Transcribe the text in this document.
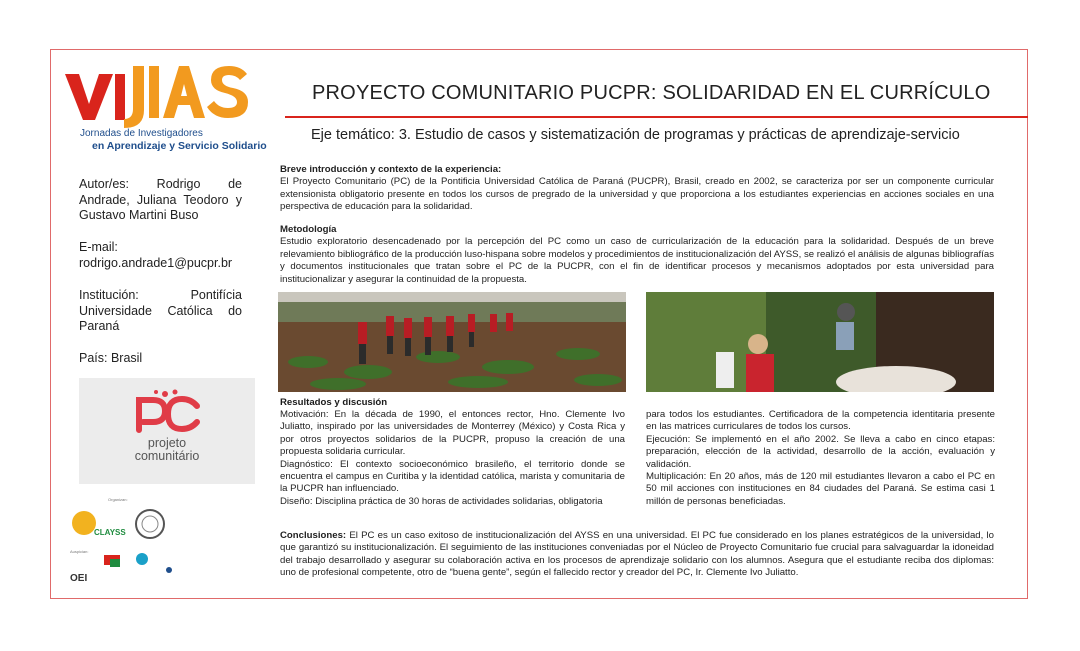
Jornadas de Investigadores
en Aprendizaje y Servicio Solidario
PROYECTO COMUNITARIO PUCPR: SOLIDARIDAD EN EL CURRÍCULO
Eje temático: 3. Estudio de casos y sistematización de programas y prácticas de aprendizaje-servicio
Autor/es: Rodrigo de Andrade, Juliana Teodoro y Gustavo Martini Buso
E-mail:
rodrigo.andrade1@pucpr.br
Institución: Pontifícia Universidade Católica do Paraná
País: Brasil
projeto
comunitário
Organizan:
CLAYSS
Auspician:
OEI
Breve introducción y contexto de la experiencia:
El Proyecto Comunitario (PC) de la Pontificia Universidad Católica de Paraná (PUCPR), Brasil, creado en 2002, se caracteriza por ser un componente curricular extensionista obligatorio presente en todos los cursos de pregrado de la universidad y que proporciona a los estudiantes experiencias en acciones sociales en una perspectiva de educación para la solidaridad.
Metodología
Estudio exploratorio desencadenado por la percepción del PC como un caso de curricularización de la educación para la solidaridad. Después de un breve relevamiento bibliográfico de la producción luso-hispana sobre modelos y procedimientos de institucionalización del AYSS, se realizó el análisis de algunas bibliografías y documentos institucionales que tratan sobre el PC de la PUCPR, con el fin de identificar procesos y mecanismos adoptados por esta universidad para institucionalizar y asegurar la continuidad de la propuesta.
Resultados y discusión
Motivación: En la década de 1990, el entonces rector, Hno. Clemente Ivo Juliatto, inspirado por las universidades de Monterrey (México) y Costa Rica y por otros proyectos solidarios de la PUCPR, propuso la creación de una propuesta solidaria curricular.
Diagnóstico: El contexto socioeconómico brasileño, el territorio donde se encuentra el campus en Curitiba y la identidad católica, marista y comunitaria de la PUCPR han influenciado.
Diseño: Disciplina práctica de 30 horas de actividades solidarias, obligatoria
para todos los estudiantes. Certificadora de la competencia identitaria presente en las matrices curriculares de todos los cursos.
Ejecución: Se implementó en el año 2002. Se lleva a cabo en cinco etapas: preparación, elección de la actividad, desarrollo de la acción, evaluación y validación.
Multiplicación: En 20 años, más de 120 mil estudiantes llevaron a cabo el PC en 50 mil acciones con instituciones en 84 ciudades del Paraná. Se estima casi 1 millón de personas beneficiadas.
Conclusiones: El PC es un caso exitoso de institucionalización del AYSS en una universidad. El PC fue considerado en los planes estratégicos de la universidad, lo que garantizó su institucionalización. El seguimiento de las instituciones conveniadas por el Núcleo de Proyecto Comunitario fue crucial para salvaguardar la idoneidad del trabajo desarrollado y asegurar su colaboración activa en los procesos de aprendizaje solidario con los alumnos. Asegura que el estudiante reciba dos diplomas: uno de profesional competente, otro de “buena gente”, según el fallecido rector y creador del PC, Ir. Clemente Ivo Juliatto.
